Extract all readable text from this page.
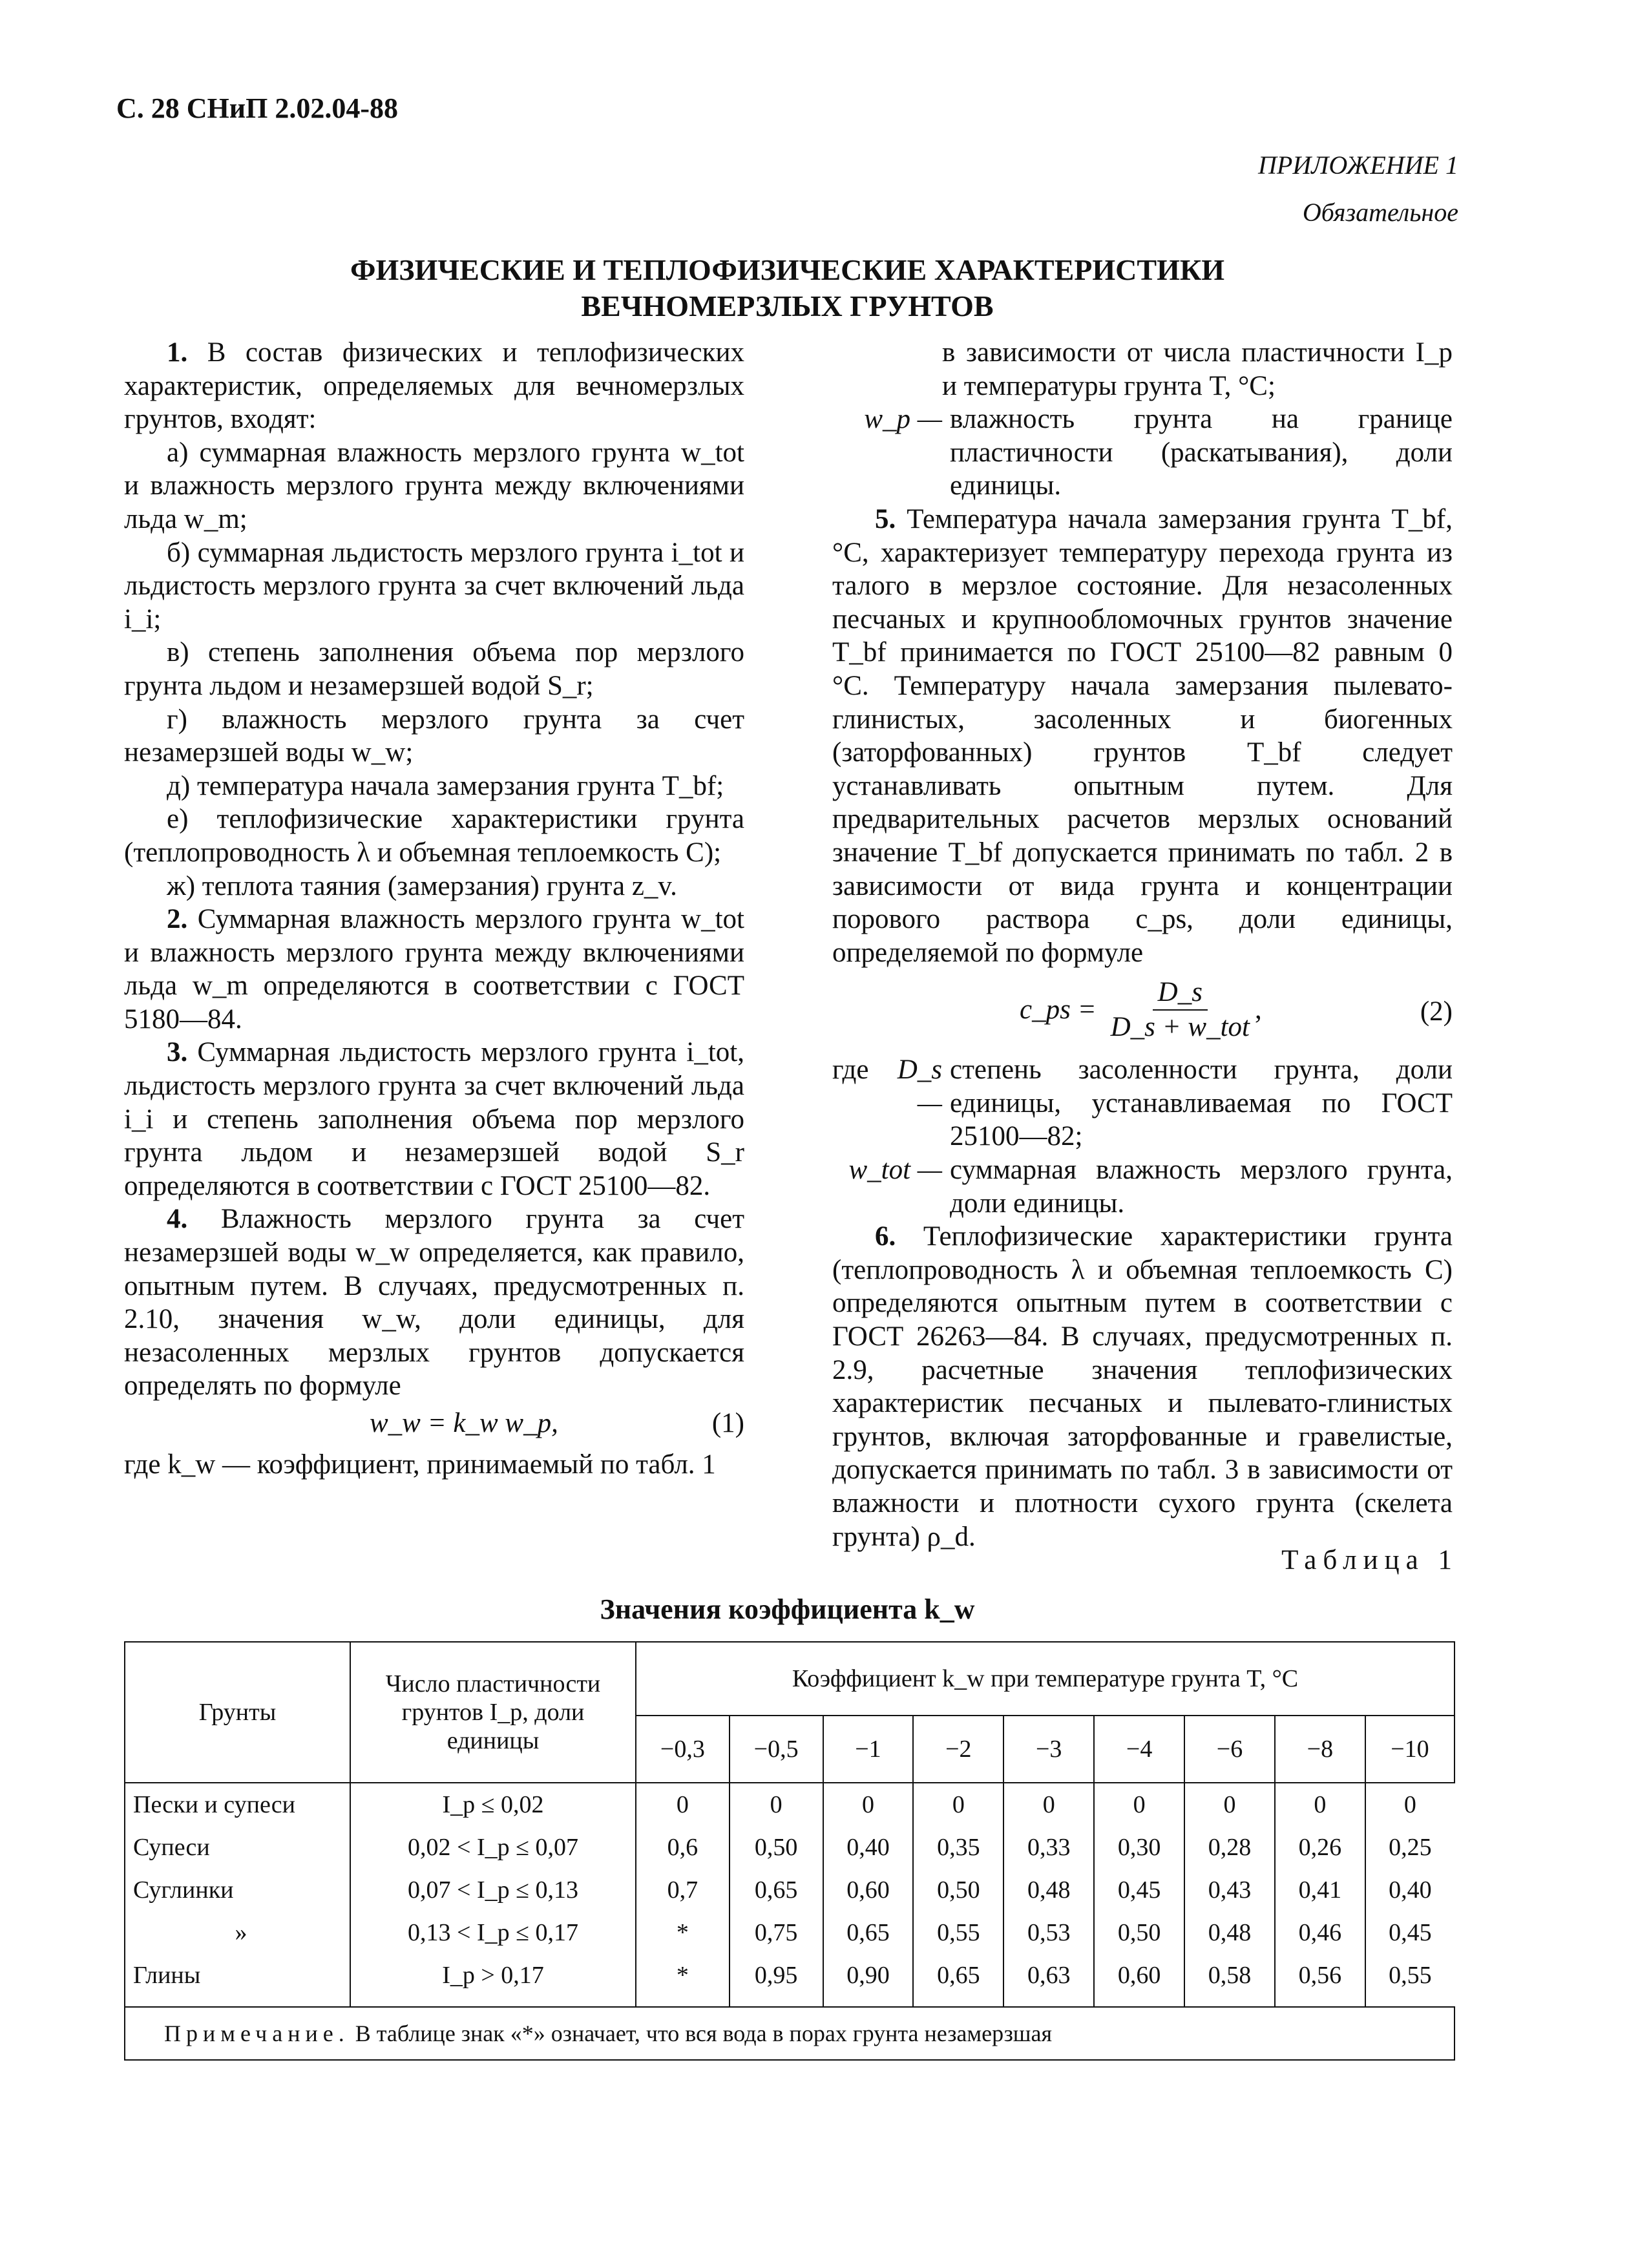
С. 28 СНиП 2.02.04-88
ПРИЛОЖЕНИЕ 1
Обязательное
ФИЗИЧЕСКИЕ И ТЕПЛОФИЗИЧЕСКИЕ ХАРАКТЕРИСТИКИ
ВЕЧНОМЕРЗЛЫХ ГРУНТОВ

1. В состав физических и теплофизических характеристик, определяемых для вечномерзлых грунтов, входят:

а) суммарная влажность мерзлого грунта w_tot и влажность мерзлого грунта между включениями льда w_m;

б) суммарная льдистость мерзлого грунта i_tot и льдистость мерзлого грунта за счет включений льда i_i;

в) степень заполнения объема пор мерзлого грунта льдом и незамерзшей водой S_r;

г) влажность мерзлого грунта за счет незамерзшей воды w_w;

д) температура начала замерзания грунта T_bf;

е) теплофизические характеристики грунта (теплопроводность λ и объемная теплоемкость C);

ж) теплота таяния (замерзания) грунта z_v.

2. Суммарная влажность мерзлого грунта w_tot и влажность мерзлого грунта между включениями льда w_m определяются в соответствии с ГОСТ 5180—84.

3. Суммарная льдистость мерзлого грунта i_tot, льдистость мерзлого грунта за счет включений льда i_i и степень заполнения объема пор мерзлого грунта льдом и незамерзшей водой S_r определяются в соответствии с ГОСТ 25100—82.

4. Влажность мерзлого грунта за счет незамерзшей воды w_w определяется, как правило, опытным путем. В случаях, предусмотренных п. 2.10, значения w_w, доли единицы, для незасоленных мерзлых грунтов допускается определять по формуле

w_w = k_w w_p,	(1)

где k_w — коэффициент, принимаемый по табл. 1

в зависимости от числа пластичности I_p и температуры грунта T, °C;

w_p — влажность грунта на границе пластичности (раскатывания), доли единицы.

5. Температура начала замерзания грунта T_bf, °C, характеризует температуру перехода грунта из талого в мерзлое состояние. Для незасоленных песчаных и крупнообломочных грунтов значение T_bf принимается по ГОСТ 25100—82 равным 0 °C. Температуру начала замерзания пылевато-глинистых, засоленных и биогенных (заторфованных) грунтов T_bf следует устанавливать опытным путем. Для предварительных расчетов мерзлых оснований значение T_bf допускается принимать по табл. 2 в зависимости от вида грунта и концентрации порового раствора c_ps, доли единицы, определяемой по формуле

c_ps =
D_s
D_s + w_tot
,	(2)
где	D_s —
степень засоленности грунта, доли единицы, устанавливаемая по ГОСТ 25100—82;
w_tot — суммарная влажность мерзлого грунта, доли единицы.

6. Теплофизические характеристики грунта (теплопроводность λ и объемная теплоемкость C) определяются опытным путем в соответствии с ГОСТ 26263—84. В случаях, предусмотренных п. 2.9, расчетные значения теплофизических характеристик песчаных и пылевато-глинистых грунтов, включая заторфованные и гравелистые, допускается принимать по табл. 3 в зависимости от влажности и плотности сухого грунта (скелета грунта) ρ_d.

Таблица 1
Значения коэффициента k_w
Грунты	Число пластичности грунтов I_p, доли единицы	Коэффициент k_w при температуре грунта T, °C								
		−0,3	−0,5	−1	−2	−3	−4	−6	−8	−10
Пески и супеси	I_p ≤ 0,02	0	0	0	0	0	0	0	0	0
Супеси	0,02 < I_p ≤ 0,07	0,6	0,50	0,40	0,35	0,33	0,30	0,28	0,26	0,25
Суглинки	0,07 < I_p ≤ 0,13	0,7	0,65	0,60	0,50	0,48	0,45	0,43	0,41	0,40
»	0,13 < I_p ≤ 0,17	*	0,75	0,65	0,55	0,53	0,50	0,48	0,46	0,45
Глины	I_p > 0,17	*	0,95	0,90	0,65	0,63	0,60	0,58	0,56	0,55
Примечание. В таблице знак «*» означает, что вся вода в порах грунта незамерзшая										
